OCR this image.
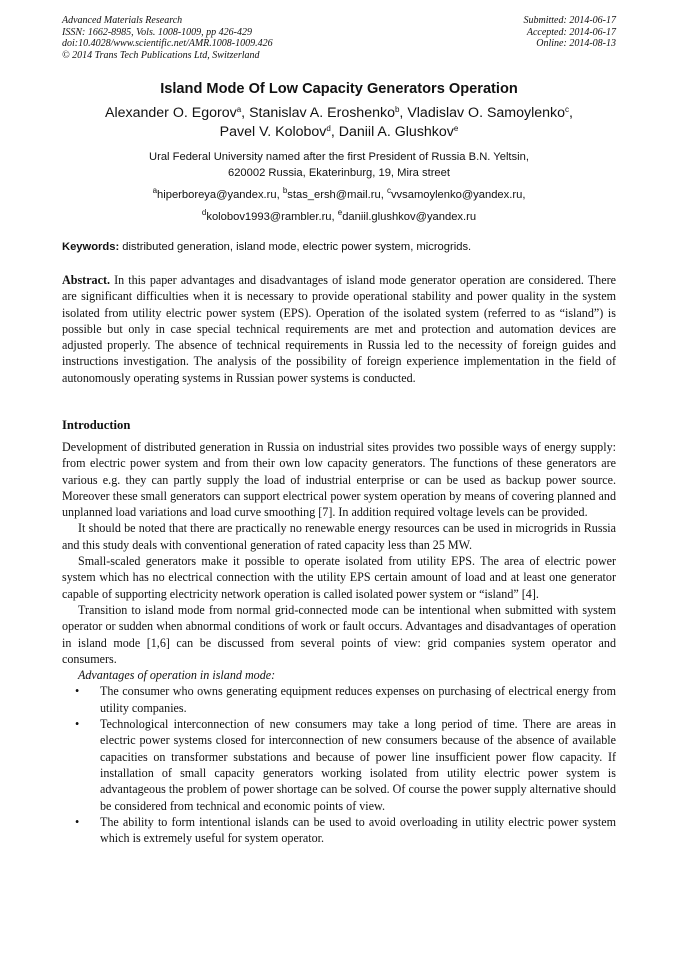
Advanced Materials Research
ISSN: 1662-8985, Vols. 1008-1009, pp 426-429
doi:10.4028/www.scientific.net/AMR.1008-1009.426
© 2014 Trans Tech Publications Ltd, Switzerland
Submitted: 2014-06-17
Accepted: 2014-06-17
Online: 2014-08-13
Island Mode Of Low Capacity Generators Operation
Alexander O. Egorov$^a$, Stanislav A. Eroshenko$^b$, Vladislav O. Samoylenko$^c$,
Pavel V. Kolobov$^d$, Daniil A. Glushkov$^e$
Ural Federal University named after the first President of Russia B.N. Yeltsin,
620002 Russia, Ekaterinburg, 19, Mira street
$^a$hiperboreya@yandex.ru, $^b$stas_ersh@mail.ru, $^c$vvsamoylenko@yandex.ru,
$^d$kolobov1993@rambler.ru, $^e$daniil.glushkov@yandex.ru
Keywords: distributed generation, island mode, electric power system, microgrids.
Abstract. In this paper advantages and disadvantages of island mode generator operation are considered. There are significant difficulties when it is necessary to provide operational stability and power quality in the system isolated from utility electric power system (EPS). Operation of the isolated system (referred to as “island”) is possible but only in case special technical requirements are met and protection and automation devices are adjusted properly. The absence of technical requirements in Russia led to the necessity of foreign guides and instructions investigation. The analysis of the possibility of foreign experience implementation in the field of autonomously operating systems in Russian power systems is conducted.
Introduction

Development of distributed generation in Russia on industrial sites provides two possible ways of energy supply: from electric power system and from their own low capacity generators. The functions of these generators are various e.g. they can partly supply the load of industrial enterprise or can be used as backup power source. Moreover these small generators can support electrical power system operation by means of covering planned and unplanned load variations and load curve smoothing [7]. In addition required voltage levels can be provided.

It should be noted that there are practically no renewable energy resources can be used in microgrids in Russia and this study deals with conventional generation of rated capacity less than 25 MW.

Small-scaled generators make it possible to operate isolated from utility EPS. The area of electric power system which has no electrical connection with the utility EPS certain amount of load and at least one generator capable of supporting electricity network operation is called isolated power system or “island” [4].

Transition to island mode from normal grid-connected mode can be intentional when submitted with system operator or sudden when abnormal conditions of work or fault occurs. Advantages and disadvantages of operation in island mode [1,6] can be discussed from several points of view: grid companies system operator and consumers.

Advantages of operation in island mode:

• The consumer who owns generating equipment reduces expenses on purchasing of electrical energy from utility companies.
• Technological interconnection of new consumers may take a long period of time. There are areas in electric power systems closed for interconnection of new consumers because of the absence of available capacities on transformer substations and because of power line insufficient power flow capacity. If installation of small capacity generators working isolated from utility electric power system is advantageous the problem of power shortage can be solved. Of course the power supply alternative should be considered from technical and economic points of view.
• The ability to form intentional islands can be used to avoid overloading in utility electric power system which is extremely useful for system operator.
